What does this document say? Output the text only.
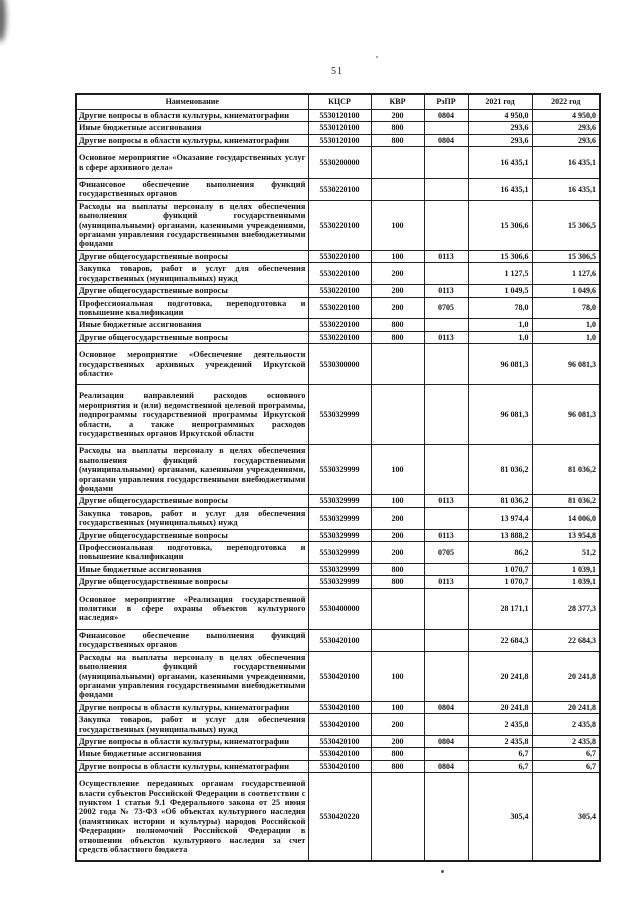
51
Наименование	КЦСР	КВР	РзПР	2021 год	2022 год
Другие вопросы в области культуры, кинематографии	5530120100	200	0804	4 950,0	4 950,0
Иные бюджетные ассигнования	5530120100	800		293,6	293,6
Другие вопросы в области культуры, кинематографии	5530120100	800	0804	293,6	293,6
Основное мероприятие «Оказание государственных услуг в сфере архивного дела»	5530200000			16 435,1	16 435,1
Финансовое обеспечение выполнения функций государственных органов	5530220100			16 435,1	16 435,1
Расходы на выплаты персоналу в целях обеспечения выполнения функций государственными (муниципальными) органами, казенными учреждениями, органами управления государственными внебюджетными фондами	5530220100	100		15 306,6	15 306,5
Другие общегосударственные вопросы	5530220100	100	0113	15 306,6	15 306,5
Закупка товаров, работ и услуг для обеспечения государственных (муниципальных) нужд	5530220100	200		1 127,5	1 127,6
Другие общегосударственные вопросы	5530220100	200	0113	1 049,5	1 049,6
Профессиональная подготовка, переподготовка и повышение квалификации	5530220100	200	0705	78,0	78,0
Иные бюджетные ассигнования	5530220100	800		1,0	1,0
Другие общегосударственные вопросы	5530220100	800	0113	1,0	1,0
Основное мероприятие «Обеспечение деятельности государственных архивных учреждений Иркутской области»	5530300000			96 081,3	96 081,3
Реализация направлений расходов основного мероприятия и (или) ведомственной целевой программы, подпрограммы государственной программы Иркутской области, а также непрограммных расходов государственных органов Иркутской области	5530329999			96 081,3	96 081,3
Расходы на выплаты персоналу в целях обеспечения выполнения функций государственными (муниципальными) органами, казенными учреждениями, органами управления государственными внебюджетными фондами	5530329999	100		81 036,2	81 036,2
Другие общегосударственные вопросы	5530329999	100	0113	81 036,2	81 036,2
Закупка товаров, работ и услуг для обеспечения государственных (муниципальных) нужд	5530329999	200		13 974,4	14 006,0
Другие общегосударственные вопросы	5530329999	200	0113	13 888,2	13 954,8
Профессиональная подготовка, переподготовка и повышение квалификации	5530329999	200	0705	86,2	51,2
Иные бюджетные ассигнования	5530329999	800		1 070,7	1 039,1
Другие общегосударственные вопросы	5530329999	800	0113	1 070,7	1 039,1
Основное мероприятие «Реализация государственной политики в сфере охраны объектов культурного наследия»	5530400000			28 171,1	28 377,3
Финансовое обеспечение выполнения функций государственных органов	5530420100			22 684,3	22 684,3
Расходы на выплаты персоналу в целях обеспечения выполнения функций государственными (муниципальными) органами, казенными учреждениями, органами управления государственными внебюджетными фондами	5530420100	100		20 241,8	20 241,8
Другие вопросы в области культуры, кинематографии	5530420100	100	0804	20 241,8	20 241,8
Закупка товаров, работ и услуг для обеспечения государственных (муниципальных) нужд	5530420100	200		2 435,8	2 435,8
Другие вопросы в области культуры, кинематографии	5530420100	200	0804	2 435,8	2 435,8
Иные бюджетные ассигнования	5530420100	800		6,7	6,7
Другие вопросы в области культуры, кинематографии	5530420100	800	0804	6,7	6,7
Осуществление переданных органам государственной власти субъектов Российской Федерации в соответствии с пунктом 1 статьи 9.1 Федерального закона от 25 июня 2002 года № 73-ФЗ «Об объектах культурного наследия (памятниках истории и культуры) народов Российской Федерации» полномочий Российской Федерации в отношении объектов культурного наследия за счет средств областного бюджета	5530420220			305,4	305,4
